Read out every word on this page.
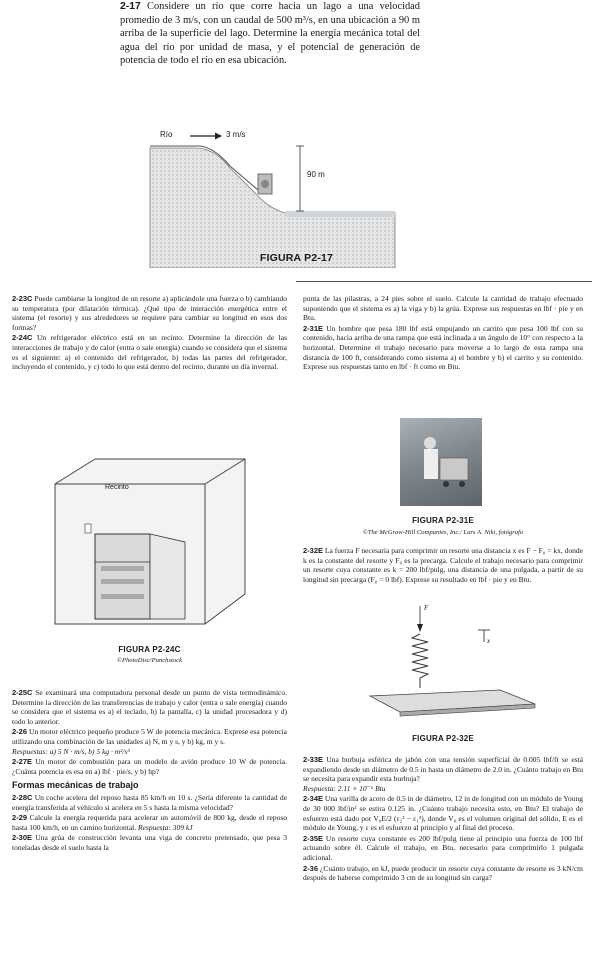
2-17 Considere un río que corre hacia un lago a una velocidad promedio de 3 m/s, con un caudal de 500 m³/s, en una ubicación a 90 m arriba de la superficie del lago. Determine la energía mecánica total del agua del río por unidad de masa, y el potencial de generación de potencia de todo el río en esa ubicación.
Río	3 m/s
90 m
FIGURA P2-17

2-23C Puede cambiarse la longitud de un resorte a) aplicándole una fuerza o b) cambiando su temperatura (por dilatación térmica). ¿Qué tipo de interacción energética entre el sistema (el resorte) y sus alrededores se requiere para cambiar su longitud en esos dos formas?

2-24C Un refrigerador eléctrico está en un recinto. Determine la dirección de las interacciones de trabajo y de calor (entra o sale energía) cuando se considera que el sistema es el siguiente: a) el contenido del refrigerador, b) todas las partes del refrigerador, incluyendo el contenido, y c) todo lo que está dentro del recinto, durante un día invernal.

Recinto
FIGURA P2-24C
©PhotoDisc/Punchstock

2-25C Se examinará una computadora personal desde un punto de vista termodinámico. Determine la dirección de las transferencias de trabajo y calor (entra o sale energía) cuando se considera que el sistema es a) el teclado, b) la pantalla, c) la unidad procesadora y d) todo lo anterior.

2-26 Un motor eléctrico pequeño produce 5 W de potencia mecánica. Exprese esa potencia utilizando una combinación de las unidades a) N, m y s, y b) kg, m y s.
Respuestas: a) 5 N · m/s, b) 5 kg · m²/s³

2-27E Un motor de combustión para un modelo de avión produce 10 W de potencia. ¿Cuánta potencia es esa en a) lbf · pie/s, y b) hp?

Formas mecánicas de trabajo

2-28C Un coche acelera del reposo hasta 85 km/h en 10 s. ¿Sería diferente la cantidad de energía transferida al vehículo si acelera en 5 s hasta la misma velocidad?

2-29 Calcule la energía requerida para acelerar un automóvil de 800 kg, desde el reposo hasta 100 km/h, en un camino horizontal. Respuesta: 309 kJ

2-30E Una grúa de construcción levanta una viga de concreto pretensado, que pesa 3 toneladas desde el suelo hasta la

punta de las pilastras, a 24 pies sobre el suelo. Calcule la cantidad de trabajo efectuado suponiendo que el sistema es a) la viga y b) la grúa. Exprese sus respuestas en lbf · pie y en Btu.

2-31E Un hombre que pesa 180 lbf está empujando un carrito que pesa 100 lbf con su contenido, hacia arriba de una rampa que está inclinada a un ángulo de 10° con respecto a la horizontal. Determine el trabajo necesario para moverse a lo largo de esta rampa una distancia de 100 ft, considerando como sistema a) el hombre y b) el carrito y su contenido. Exprese sus respuestas tanto en lbf · ft como en Btu.

FIGURA P2-31E
©The McGraw-Hill Companies, Inc./ Lars A. Niki, fotógrafo

2-32E La fuerza F necesaria para comprimir un resorte una distancia x es F − F₀ = kx, donde k es la constante del resorte y F₀ es la precarga. Calcule el trabajo necesario para comprimir un resorte cuya constante es k = 200 lbf/pulg, una distancia de una pulgada, a partir de su longitud sin precarga (F₀ = 0 lbf). Exprese su resultado en lbf · pie y en Btu.

F
x
FIGURA P2-32E

2-33E Una burbuja esférica de jabón con una tensión superficial de 0.005 lbf/ft se está expandiendo desde un diámetro de 0.5 in hasta un diámetro de 2.0 in. ¿Cuánto trabajo en Btu se necesita para expandir esta burbuja?
Respuesta: 2.11 × 10⁻⁶ Btu

2-34E Una varilla de acero de 0.5 in de diámetro, 12 in de longitud con un módulo de Young de 30 000 lbf/in² se estira 0.125 in. ¿Cuánto trabajo necesita esto, en Btu? El trabajo de esfuerzo está dado por V₀E/2 (ε₂² − ε₁²), donde V₀ es el volumen original del sólido, E es el módulo de Young, y ε es el esfuerzo al principio y al final del proceso.

2-35E Un resorte cuya constante es 200 lbf/pulg tiene al principio una fuerza de 100 lbf actuando sobre él. Calcule el trabajo, en Btu, necesario para comprimirlo 1 pulgada adicional.

2-36 ¿Cuánto trabajo, en kJ, puede producir un resorte cuya constante de resorte es 3 kN/cm después de haberse comprimido 3 cm de su longitud sin carga?
